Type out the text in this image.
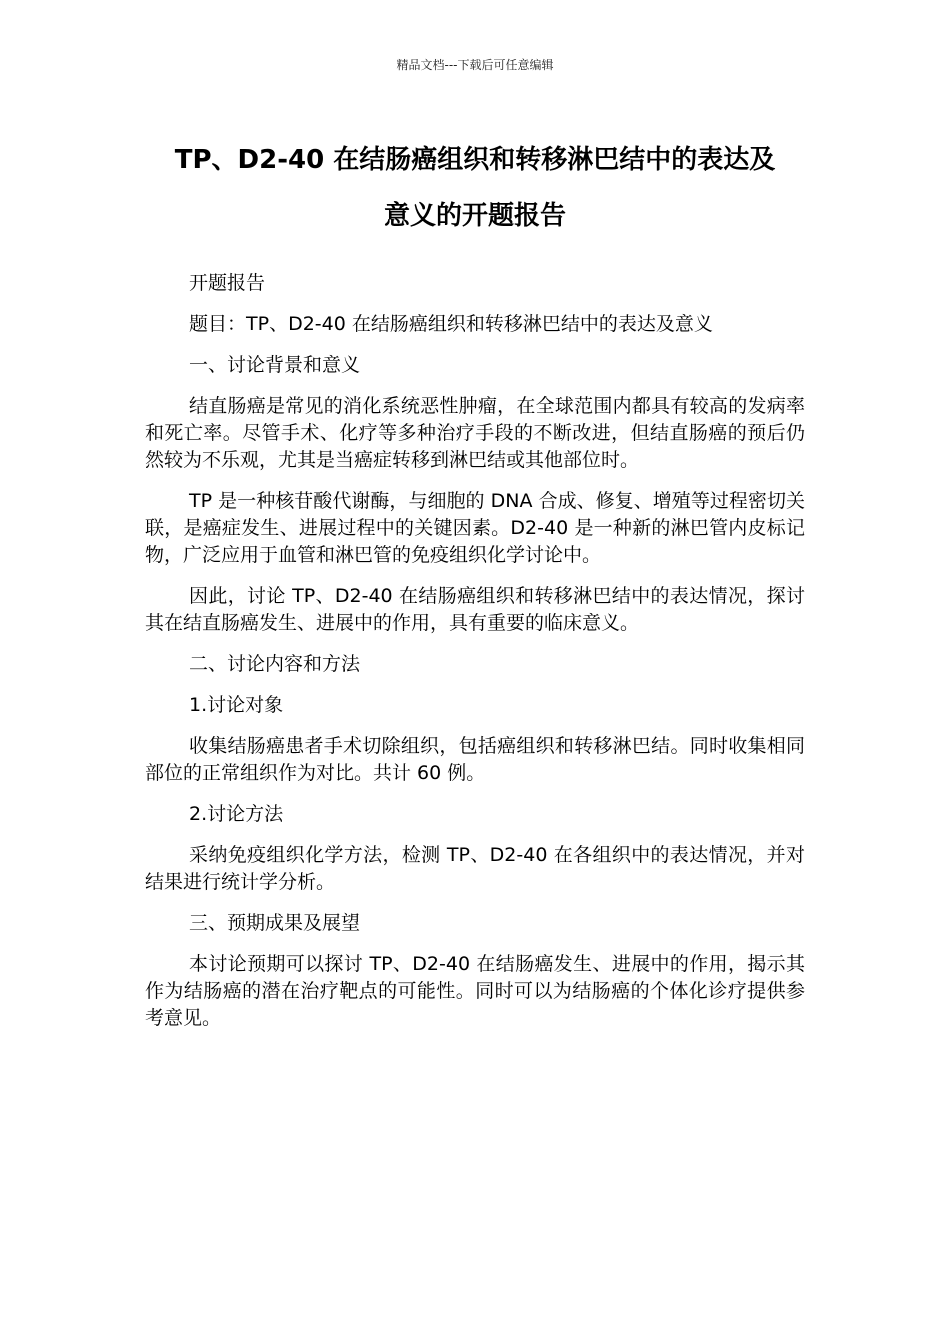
精品文档---下载后可任意编辑
TP、D2-40 在结肠癌组织和转移淋巴结中的表达及
意义的开题报告

开题报告

题目：TP、D2-40 在结肠癌组织和转移淋巴结中的表达及意义

一、讨论背景和意义

结直肠癌是常见的消化系统恶性肿瘤，在全球范围内都具有较高的发病率和死亡率。尽管手术、化疗等多种治疗手段的不断改进，但结直肠癌的预后仍然较为不乐观，尤其是当癌症转移到淋巴结或其他部位时。

TP 是一种核苷酸代谢酶，与细胞的 DNA 合成、修复、增殖等过程密切关联，是癌症发生、进展过程中的关键因素。D2-40 是一种新的淋巴管内皮标记物，广泛应用于血管和淋巴管的免疫组织化学讨论中。

因此，讨论 TP、D2-40 在结肠癌组织和转移淋巴结中的表达情况，探讨其在结直肠癌发生、进展中的作用，具有重要的临床意义。

二、讨论内容和方法

1.讨论对象

收集结肠癌患者手术切除组织，包括癌组织和转移淋巴结。同时收集相同部位的正常组织作为对比。共计 60 例。

2.讨论方法

采纳免疫组织化学方法，检测 TP、D2-40 在各组织中的表达情况，并对结果进行统计学分析。

三、预期成果及展望

本讨论预期可以探讨 TP、D2-40 在结肠癌发生、进展中的作用，揭示其作为结肠癌的潜在治疗靶点的可能性。同时可以为结肠癌的个体化诊疗提供参考意见。
